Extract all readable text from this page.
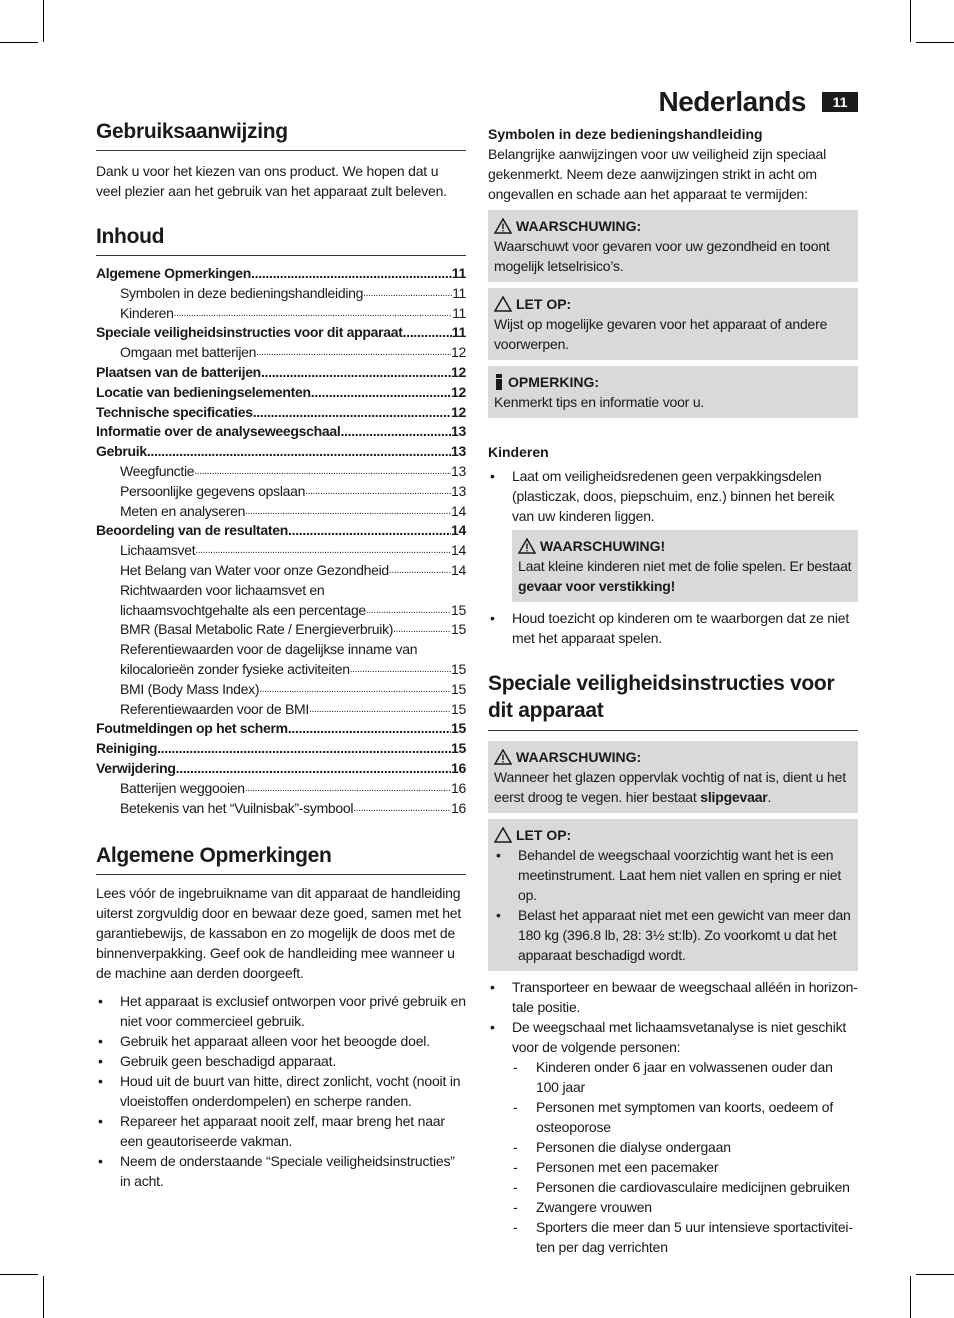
Nederlands	11
Gebruiksaanwijzing

Dank u voor het kiezen van ons product. We hopen dat u veel plezier aan het gebruik van het apparaat zult beleven.

Inhoud
Algemene Opmerkingen .....	11
Symbolen in deze bedieningshandleiding .....	11
Kinderen .....	11
Speciale veiligheidsinstructies voor dit apparaat .....	11
Omgaan met batterijen .....	12
Plaatsen van de batterijen .....	12
Locatie van bedieningselementen .....	12
Technische specificaties .....	12
Informatie over de analyseweegschaal .....	13
Gebruik .....	13
Weegfunctie .....	13
Persoonlijke gegevens opslaan .....	13
Meten en analyseren .....	14
Beoordeling van de resultaten .....	14
Lichaamsvet .....	14
Het Belang van Water voor onze Gezondheid .....	14
Richtwaarden voor lichaamsvet en
lichaamsvochtgehalte als een percentage .....	15
BMR (Basal Metabolic Rate / Energieverbruik) .....	15
Referentiewaarden voor de dagelijkse inname van
kilocalorieën zonder fysieke activiteiten .....	15
BMI (Body Mass Index) .....	15
Referentiewaarden voor de BMI .....	15
Foutmeldingen op het scherm .....	15
Reiniging .....	15
Verwijdering .....	16
Batterijen weggooien .....	16
Betekenis van het “Vuilnisbak”-symbool .....	16
Algemene Opmerkingen

Lees vóór de ingebruikname van dit apparaat de handleiding uiterst zorgvuldig door en bewaar deze goed, samen met het garantiebewijs, de kassabon en zo mogelijk de doos met de binnenverpakking. Geef ook de handleiding mee wanneer u de machine aan derden doorgeeft.

• Het apparaat is exclusief ontworpen voor privé gebruik en niet voor commercieel gebruik.
• Gebruik het apparaat alleen voor het beoogde doel.
• Gebruik geen beschadigd apparaat.
• Houd uit de buurt van hitte, direct zonlicht, vocht (nooit in vloeistoffen onderdompelen) en scherpe randen.
• Repareer het apparaat nooit zelf, maar breng het naar een geautoriseerde vakman.
• Neem de onderstaande “Speciale veiligheidsinstructies” in acht.
Symbolen in deze bedieningshandleiding

Belangrijke aanwijzingen voor uw veiligheid zijn speciaal gekenmerkt. Neem deze aanwijzingen strikt in acht om ongevallen en schade aan het apparaat te vermijden:

WAARSCHUWING:

Waarschuwt voor gevaren voor uw gezondheid en toont mogelijk letselrisico’s.

LET OP:

Wijst op mogelijke gevaren voor het apparaat of andere voorwerpen.

OPMERKING:

Kenmerkt tips en informatie voor u.

Kinderen
• Laat om veiligheidsredenen geen verpakkingsdelen (plasticzak, doos, piepschuim, enz.) binnen het bereik van uw kinderen liggen.
WAARSCHUWING!

Laat kleine kinderen niet met de folie spelen. Er bestaat gevaar voor verstikking!

• Houd toezicht op kinderen om te waarborgen dat ze niet met het apparaat spelen.
Speciale veiligheidsinstructies voor
dit apparaat
WAARSCHUWING:

Wanneer het glazen oppervlak vochtig of nat is, dient u het eerst droog te vegen. hier bestaat slipgevaar.

LET OP:
• Behandel de weegschaal voorzichtig want het is een meetinstrument. Laat hem niet vallen en spring er niet op.
• Belast het apparaat niet met een gewicht van meer dan 180 kg (396.8 lb, 28: 3½ st:lb). Zo voorkomt u dat het apparaat beschadigd wordt.
• Transporteer en bewaar de weegschaal alléén in horizon- tale positie.
• De weegschaal met lichaamsvetanalyse is niet geschikt voor de volgende personen:
- Kinderen onder 6 jaar en volwassenen ouder dan 100 jaar
- Personen met symptomen van koorts, oedeem of osteoporose
- Personen die dialyse ondergaan
- Personen met een pacemaker
- Personen die cardiovasculaire medicijnen gebruiken
- Zwangere vrouwen
- Sporters die meer dan 5 uur intensieve sportactivitei- ten per dag verrichten
